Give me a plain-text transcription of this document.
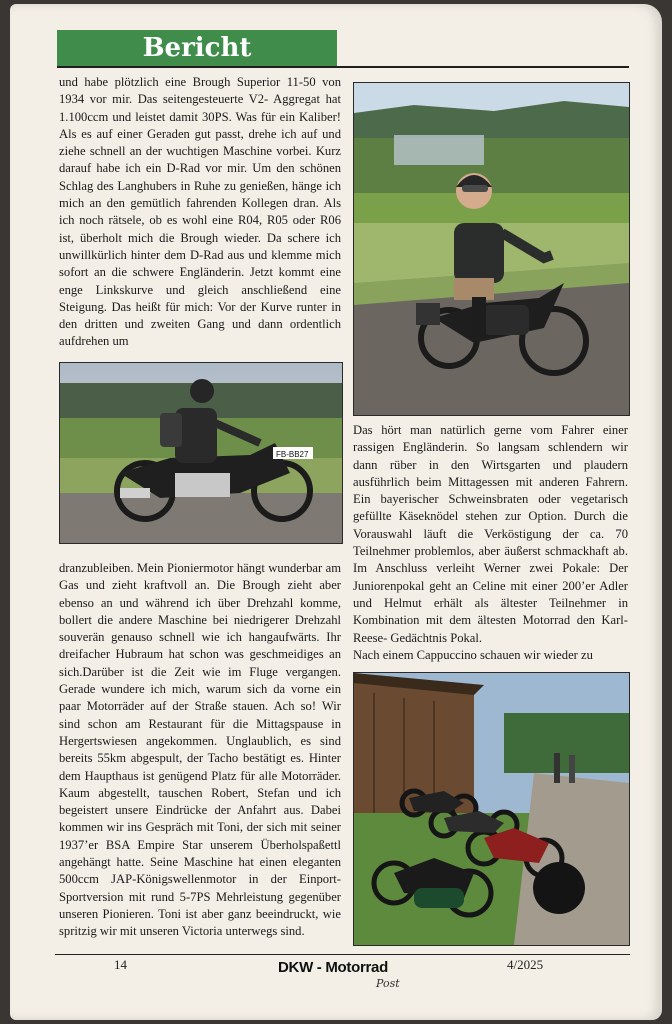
Bericht

und habe plötzlich eine Brough Superior 11-50 von 1934 vor mir. Das seitengesteuerte V2- Aggregat hat 1.100ccm und leistet damit 30PS. Was für ein Kaliber! Als es auf einer Geraden gut passt, drehe ich auf und ziehe schnell an der wuchtigen Maschine vorbei. Kurz darauf habe ich ein D-Rad vor mir. Um den schönen Schlag des Langhubers in Ruhe zu genießen, hänge ich mich an den gemütlich fahrenden Kollegen dran. Als ich noch rätsele, ob es wohl eine R04, R05 oder R06 ist, überholt mich die Brough wieder. Da schere ich unwillkürlich hinter dem D-Rad aus und klemme mich sofort an die schwere Engländerin. Jetzt kommt eine enge Linkskurve und gleich anschließend eine Steigung. Das heißt für mich: Vor der Kurve runter in den dritten und zweiten Gang und dann ordentlich aufdrehen um

FB-BB27

dranzubleiben. Mein Pioniermotor hängt wunderbar am Gas und zieht kraftvoll an. Die Brough zieht aber ebenso an und während ich über Drehzahl komme, bollert die andere Maschine bei niedrigerer Drehzahl souverän genauso schnell wie ich hangaufwärts. Ihr dreifacher Hubraum hat schon was geschmeidiges an sich.Darüber ist die Zeit wie im Fluge vergangen. Gerade wundere ich mich, warum sich da vorne ein paar Motorräder auf der Straße stauen. Ach so! Wir sind schon am Restaurant für die Mittagspause in Hergertswiesen angekommen. Unglaublich, es sind bereits 55km abgespult, der Tacho bestätigt es. Hinter dem Haupthaus ist genügend Platz für alle Motorräder. Kaum abgestellt, tauschen Robert, Stefan und ich begeistert unsere Eindrücke der Anfahrt aus. Dabei kommen wir ins Gespräch mit Toni, der sich mit seiner 1937’er BSA Empire Star unserem Überholspaßettl angehängt hatte. Seine Maschine hat einen eleganten 500ccm JAP-Königswellenmotor in der Einport- Sportversion mit rund 5-7PS Mehrleistung gegenüber unseren Pionieren. Toni ist aber ganz beeindruckt, wie spritzig wir mit unseren Victoria unterwegs sind.

Das hört man natürlich gerne vom Fahrer einer rassigen Engländerin. So langsam schlendern wir dann rüber in den Wirtsgarten und plaudern ausführlich beim Mittagessen mit anderen Fahrern. Ein bayerischer Schweinsbraten oder vegetarisch gefüllte Käseknödel stehen zur Option. Durch die Vorauswahl läuft die Verköstigung der ca. 70 Teilnehmer problemlos, aber äußerst schmackhaft ab. Im Anschluss verleiht Werner zwei Pokale: Der Juniorenpokal geht an Celine mit einer 200’er Adler und Helmut erhält als ältester Teilnehmer in Kombination mit dem ältesten Motorrad den Karl- Reese- Gedächtnis Pokal.

Nach einem Cappuccino schauen wir wieder zu

14	DKW - Motorrad
Post
4/2025
